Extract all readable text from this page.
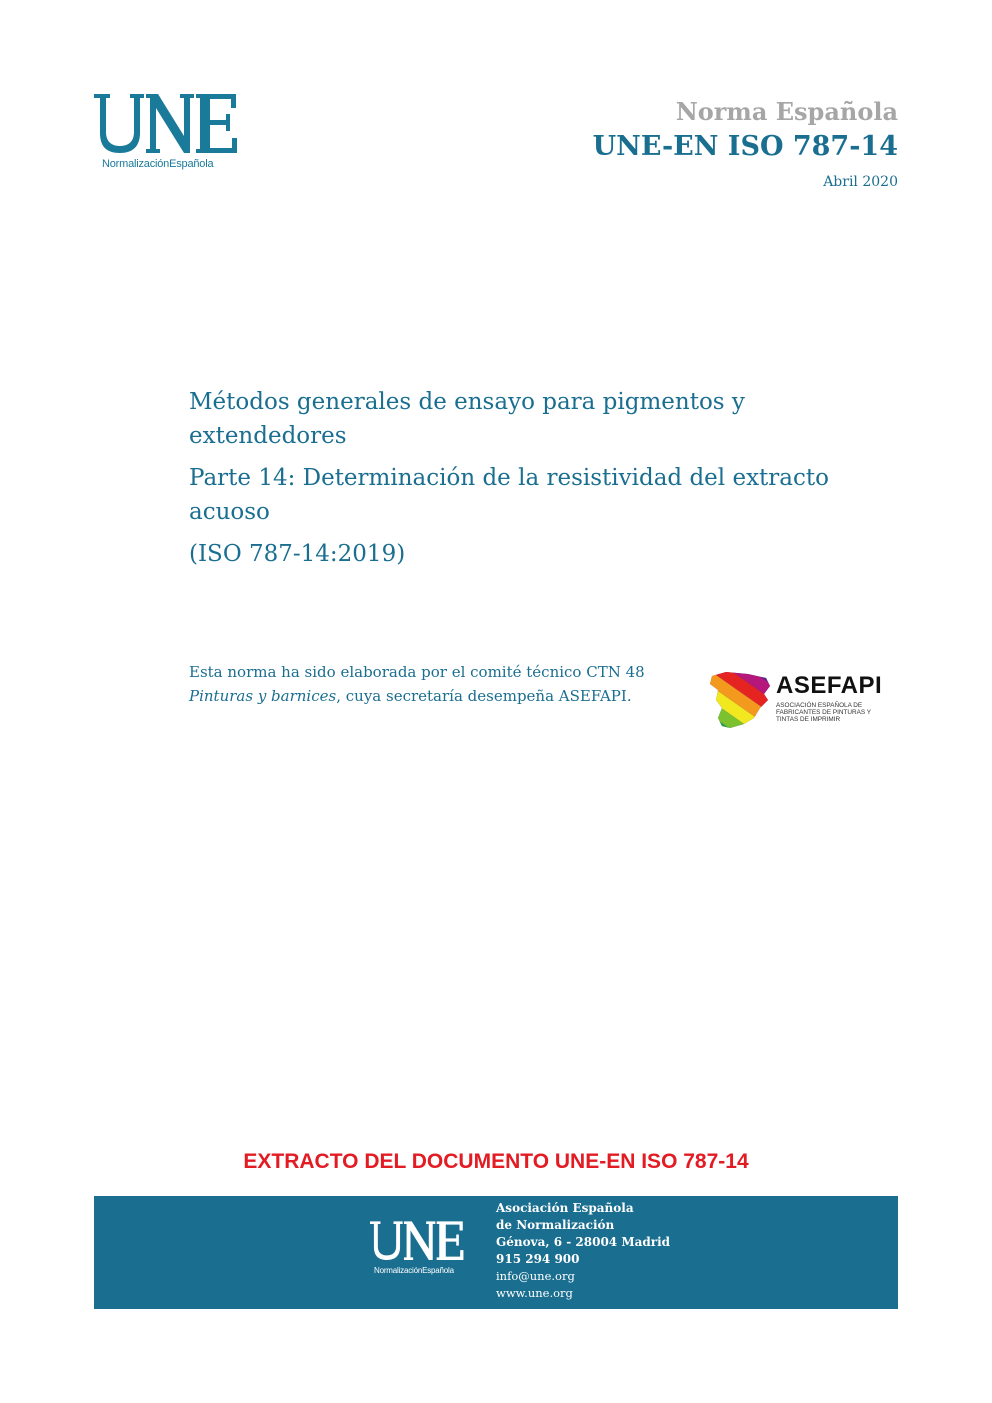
NormalizaciónEspañola
Norma Española
UNE-EN ISO 787-14
Abril 2020

Métodos generales de ensayo para pigmentos y extendedores

Parte 14: Determinación de la resistividad del extracto acuoso

(ISO 787-14:2019)

Esta norma ha sido elaborada por el comité técnico CTN 48 Pinturas y barnices, cuya secretaría desempeña ASEFAPI.	ASEFAPI
ASOCIACIÓN ESPAÑOLA DE FABRICANTES DE PINTURAS Y TINTAS DE IMPRIMIR
EXTRACTO DEL DOCUMENTO UNE-EN ISO 787-14
NormalizaciónEspañola
Asociación Española
de Normalización
Génova, 6 - 28004 Madrid
915 294 900
info@une.org
www.une.org
